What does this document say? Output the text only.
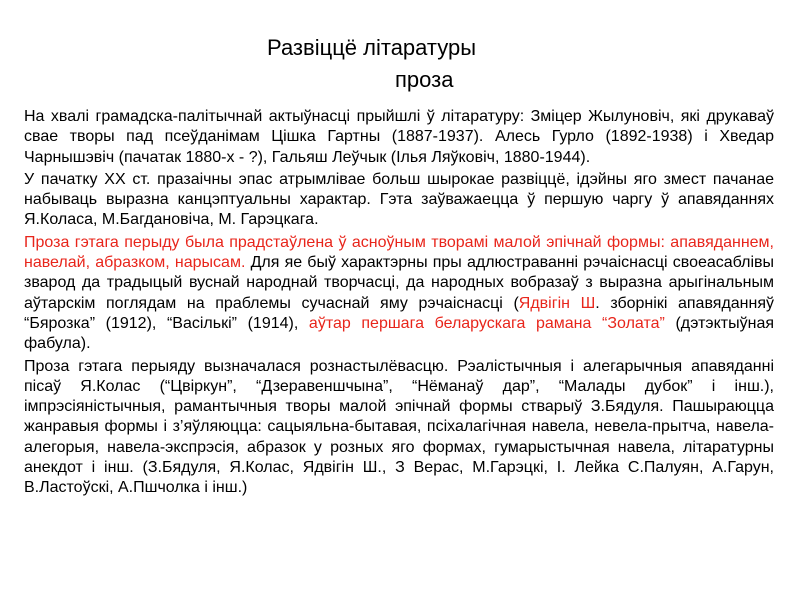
Развіццё літаратуры
проза

На хвалі грамадска-палітычнай актыўнасці прыйшлі ў літаратуру: Зміцер Жылуновіч, які друкаваў свае творы пад псеўданімам Цішка Гартны (1887-1937). Алесь Гурло (1892-1938) і Хведар Чарнышэвіч (пачатак 1880-х - ?), Гальяш Леўчык (Ілья Ляўковіч, 1880-1944).

У пачатку XX ст. празаічны эпас атрымлівае больш шырокае развіццё, ідэйны яго змест пачанае набываць выразна канцэптуальны характар. Гэта заўважаецца ў першую чаргу ў апавяданнях Я.Коласа, М.Багдановіча, М. Гарэцкага.

Проза гэтага перыду была прадстаўлена ў асноўным творамі малой эпічнай формы: апавяданнем, навелай, абразком, нарысам. Для яе быў характэрны пры адлюстраванні рэчаіснасці своеасаблівы зварод да традыцый вуснай народнай творчасці, да народных вобразаў з выразна арыгінальным аўтарскім поглядам на праблемы сучаснай яму рэчаіснасці (Ядвігін Ш. зборнікі апавяданняў “Бярозка” (1912), “Васількі” (1914), аўтар першага беларускага рамана “Золата” (дэтэктыўная фабула).

Проза гэтага перыяду вызначалася рознастылёвасцю. Рэалістычныя і алегарычныя апавяданні пісаў Я.Колас (“Цвіркун”, “Дзеравеншчына”, “Нёманаў дар”, “Малады дубок” і інш.), імпрэсіяністычныя, рамантычныя творы малой эпічнай формы стварыў З.Бядуля. Пашыраюцца жанравыя формы і з’яўляюцца: сацыяльна-бытавая, псіхалагічная навела, невела-прытча, навела-алегорыя, навела-экспрэсія, абразок у розных яго формах, гумарыстычная навела, літаратурны анекдот і інш. (З.Бядуля, Я.Колас, Ядвігін Ш., З Верас, М.Гарэцкі, І. Лейка С.Палуян, А.Гарун, В.Ластоўскі, А.Пшчолка і інш.)
